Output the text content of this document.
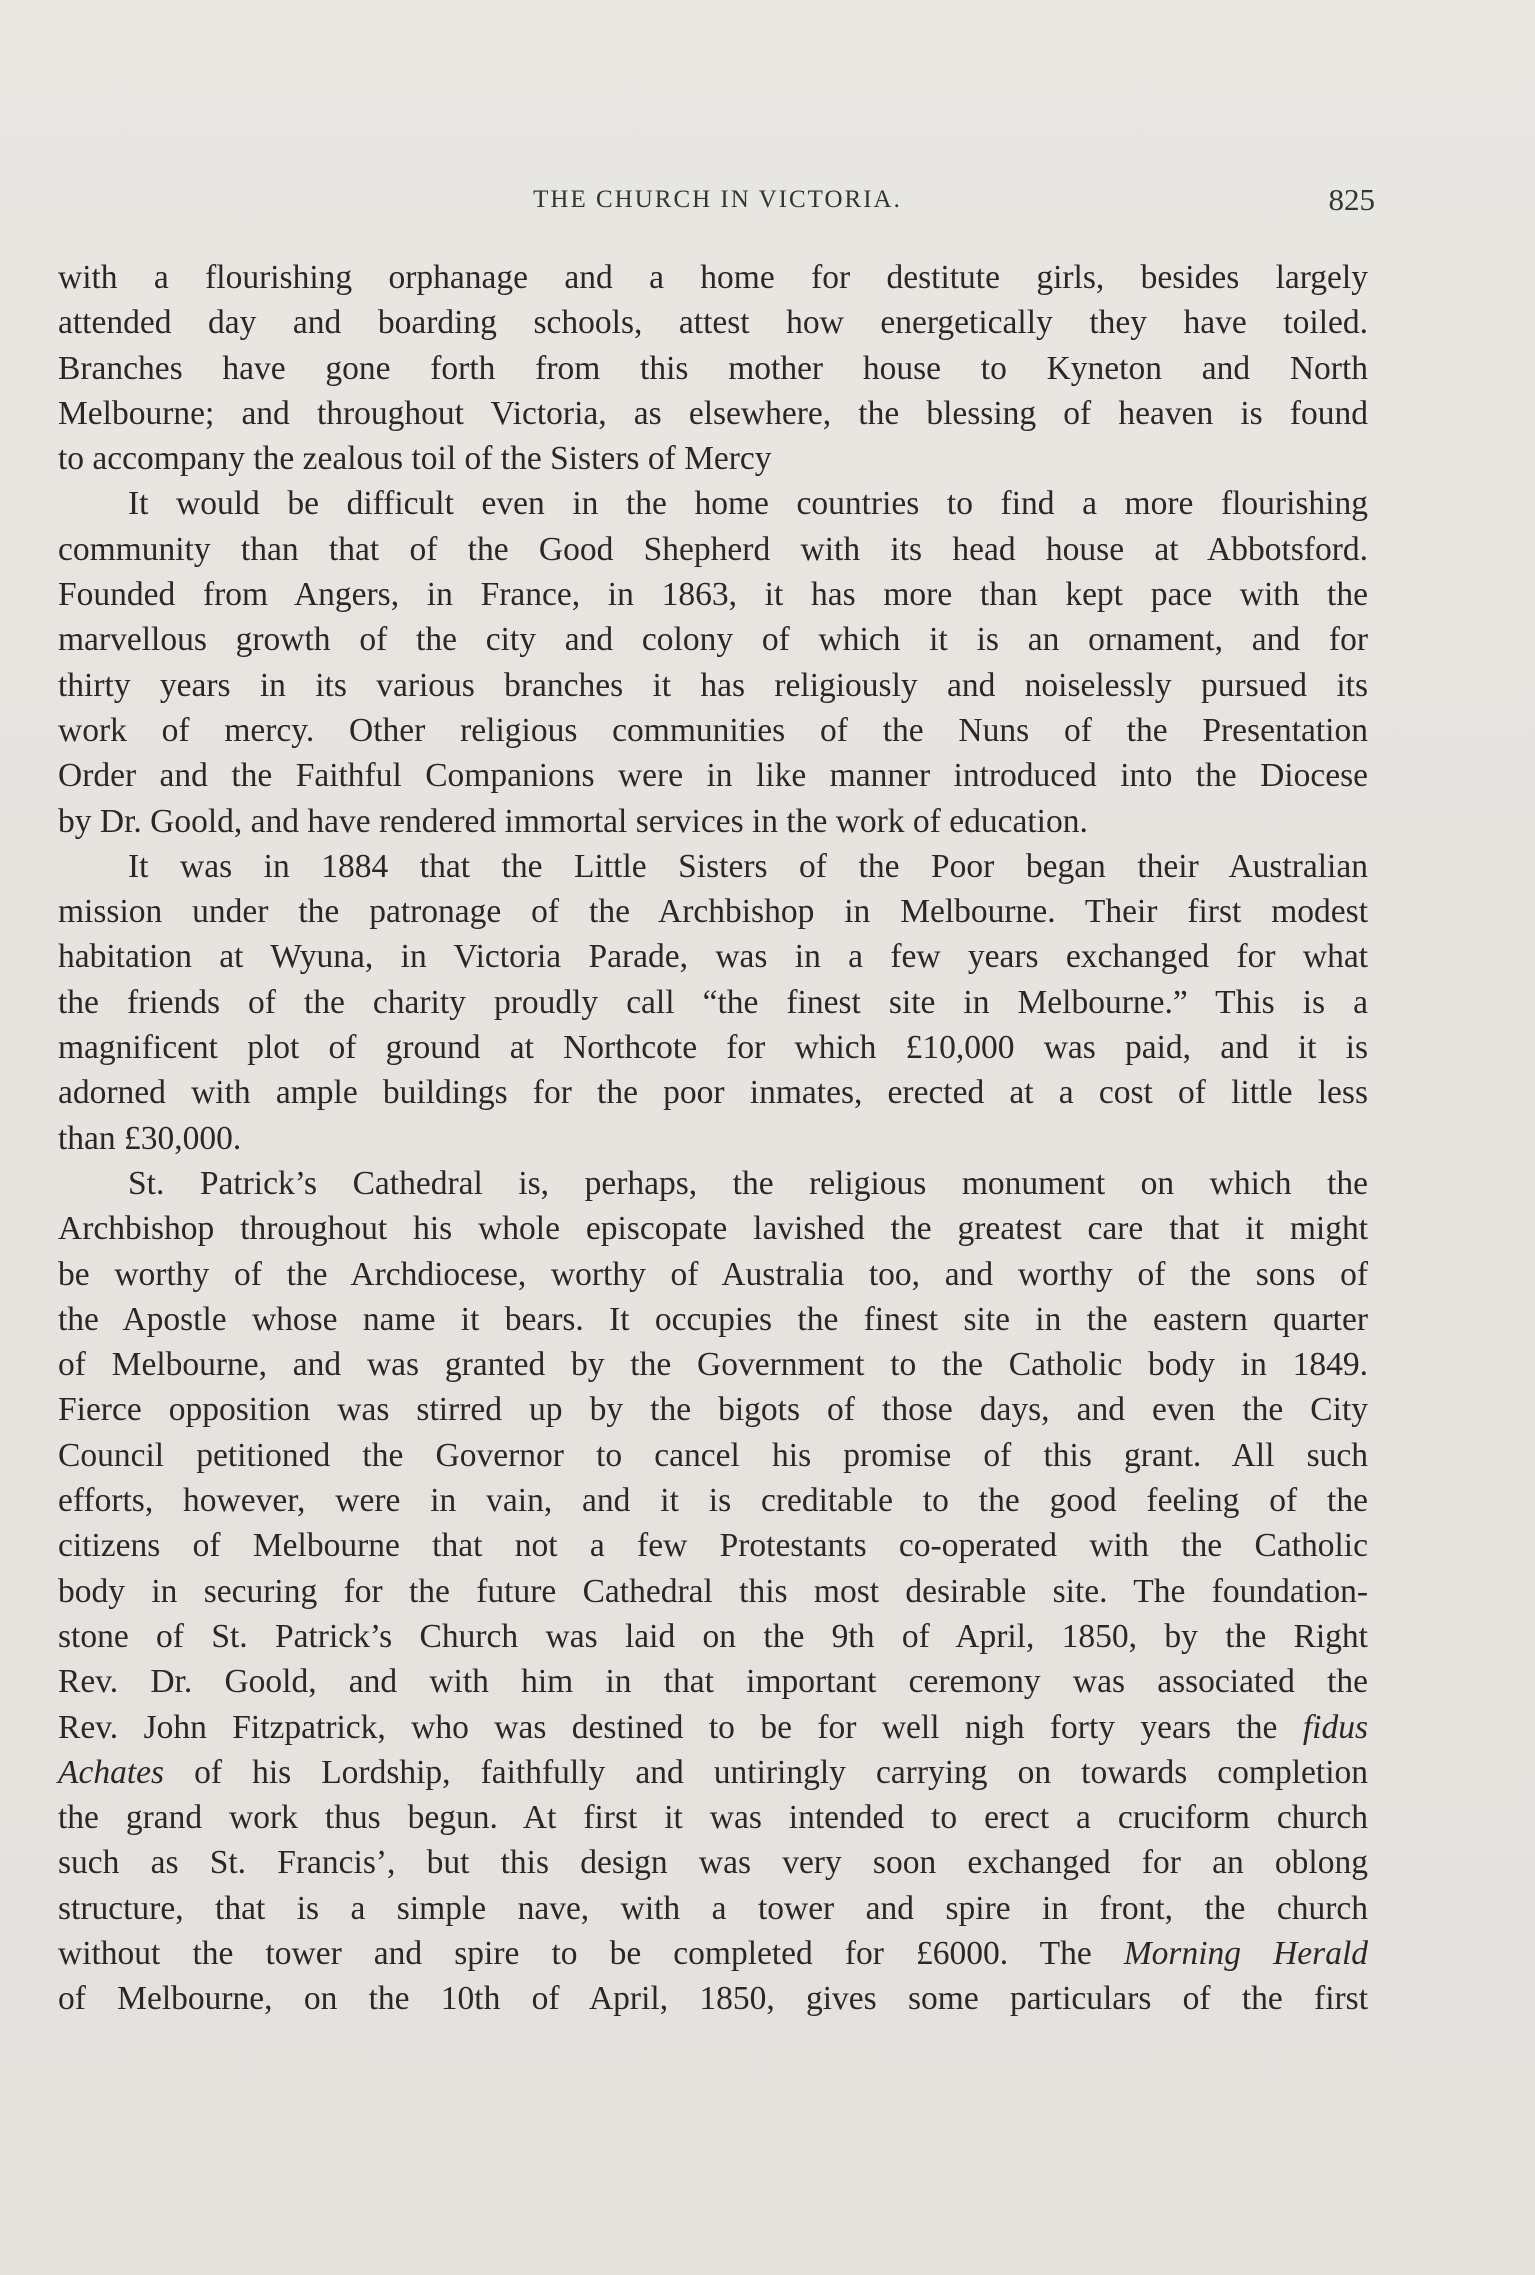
THE CHURCH IN VICTORIA.	825

with a flourishing orphanage and a home for destitute girls, besides largely
attended day and boarding schools, attest how energetically they have toiled.
Branches have gone forth from this mother house to Kyneton and North
Melbourne; and throughout Victoria, as elsewhere, the blessing of heaven is found
to accompany the zealous toil of the Sisters of Mercy

It would be difficult even in the home countries to find a more flourishing
community than that of the Good Shepherd with its head house at Abbotsford.
Founded from Angers, in France, in 1863, it has more than kept pace with the
marvellous growth of the city and colony of which it is an ornament, and for
thirty years in its various branches it has religiously and noiselessly pursued its
work of mercy. Other religious communities of the Nuns of the Presentation
Order and the Faithful Companions were in like manner introduced into the Diocese
by Dr. Goold, and have rendered immortal services in the work of education.

It was in 1884 that the Little Sisters of the Poor began their Australian
mission under the patronage of the Archbishop in Melbourne. Their first modest
habitation at Wyuna, in Victoria Parade, was in a few years exchanged for what
the friends of the charity proudly call “the finest site in Melbourne.” This is a
magnificent plot of ground at Northcote for which £10,000 was paid, and it is
adorned with ample buildings for the poor inmates, erected at a cost of little less
than £30,000.

St. Patrick’s Cathedral is, perhaps, the religious monument on which the
Archbishop throughout his whole episcopate lavished the greatest care that it might
be worthy of the Archdiocese, worthy of Australia too, and worthy of the sons of
the Apostle whose name it bears. It occupies the finest site in the eastern quarter
of Melbourne, and was granted by the Government to the Catholic body in 1849.
Fierce opposition was stirred up by the bigots of those days, and even the City
Council petitioned the Governor to cancel his promise of this grant. All such
efforts, however, were in vain, and it is creditable to the good feeling of the
citizens of Melbourne that not a few Protestants co-operated with the Catholic
body in securing for the future Cathedral this most desirable site. The foundation-
stone of St. Patrick’s Church was laid on the 9th of April, 1850, by the Right
Rev. Dr. Goold, and with him in that important ceremony was associated the
Rev. John Fitzpatrick, who was destined to be for well nigh forty years the fidus
Achates of his Lordship, faithfully and untiringly carrying on towards completion
the grand work thus begun. At first it was intended to erect a cruciform church
such as St. Francis’, but this design was very soon exchanged for an oblong
structure, that is a simple nave, with a tower and spire in front, the church
without the tower and spire to be completed for £6000. The Morning Herald
of Melbourne, on the 10th of April, 1850, gives some particulars of the first
